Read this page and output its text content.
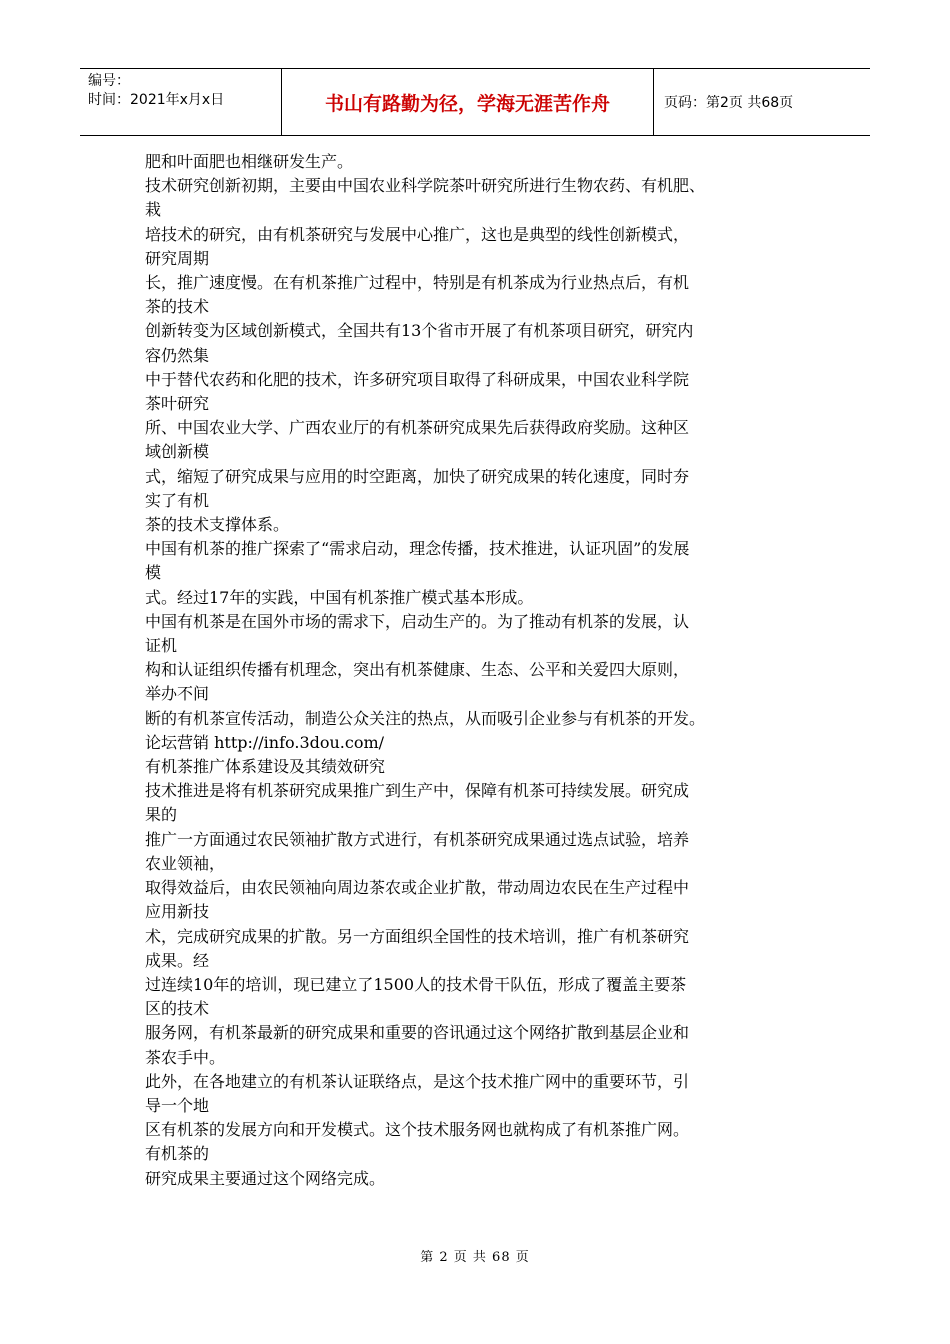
编号：
时间：2021年x月x日	书山有路勤为径，学海无涯苦作舟	页码：第2页 共68页
肥和叶面肥也相继研发生产。
技术研究创新初期，主要由中国农业科学院茶叶研究所进行生物农药、有机肥、
栽
培技术的研究，由有机茶研究与发展中心推广，这也是典型的线性创新模式，
研究周期
长，推广速度慢。在有机茶推广过程中，特别是有机茶成为行业热点后，有机
茶的技术
创新转变为区域创新模式，全国共有13个省市开展了有机茶项目研究，研究内
容仍然集
中于替代农药和化肥的技术，许多研究项目取得了科研成果，中国农业科学院
茶叶研究
所、中国农业大学、广西农业厅的有机茶研究成果先后获得政府奖励。这种区
域创新模
式，缩短了研究成果与应用的时空距离，加快了研究成果的转化速度，同时夯
实了有机
茶的技术支撑体系。
中国有机茶的推广探索了“需求启动，理念传播，技术推进，认证巩固”的发展
模
式。经过17年的实践，中国有机茶推广模式基本形成。
中国有机茶是在国外市场的需求下，启动生产的。为了推动有机茶的发展，认
证机
构和认证组织传播有机理念，突出有机茶健康、生态、公平和关爱四大原则，
举办不间
断的有机茶宣传活动，制造公众关注的热点，从而吸引企业参与有机茶的开发。
论坛营销 http://info.3dou.com/
有机茶推广体系建设及其绩效研究
技术推进是将有机茶研究成果推广到生产中，保障有机茶可持续发展。研究成
果的
推广一方面通过农民领袖扩散方式进行，有机茶研究成果通过选点试验，培养
农业领袖，
取得效益后，由农民领袖向周边茶农或企业扩散，带动周边农民在生产过程中
应用新技
术，完成研究成果的扩散。另一方面组织全国性的技术培训，推广有机茶研究
成果。经
过连续10年的培训，现已建立了1500人的技术骨干队伍，形成了覆盖主要茶
区的技术
服务网，有机茶最新的研究成果和重要的咨讯通过这个网络扩散到基层企业和
茶农手中。
此外，在各地建立的有机茶认证联络点，是这个技术推广网中的重要环节，引
导一个地
区有机茶的发展方向和开发模式。这个技术服务网也就构成了有机茶推广网。
有机茶的
研究成果主要通过这个网络完成。
第 2 页 共 68 页
